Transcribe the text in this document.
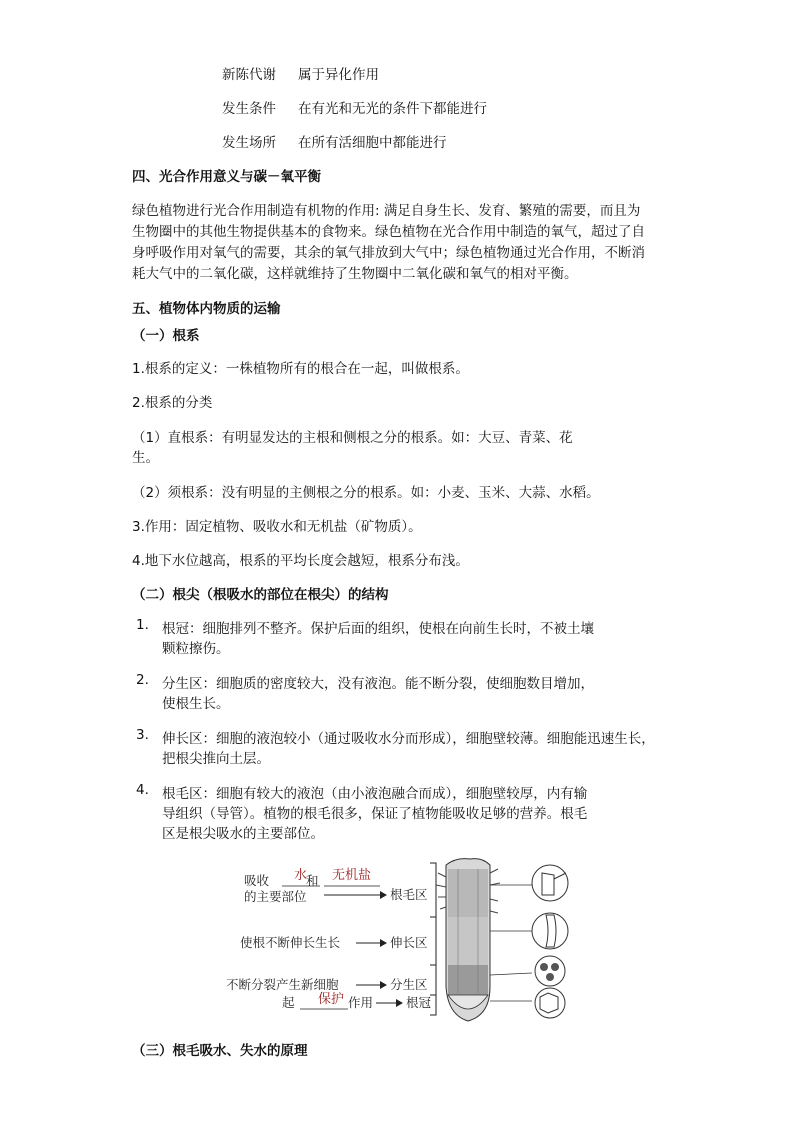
新陈代谢 属于异化作用
发生条件 在有光和无光的条件下都能进行
发生场所 在所有活细胞中都能进行
四、光合作用意义与碳－氧平衡
绿色植物进行光合作用制造有机物的作用: 满足自身生长、发育、繁殖的需要，而且为
生物圈中的其他生物提供基本的食物来。绿色植物在光合作用中制造的氧气，超过了自
身呼吸作用对氧气的需要，其余的氧气排放到大气中；绿色植物通过光合作用，不断消
耗大气中的二氧化碳，这样就维持了生物圈中二氧化碳和氧气的相对平衡。
五、植物体内物质的运输
（一）根系
1.根系的定义：一株植物所有的根合在一起，叫做根系。
2.根系的分类
（1）直根系：有明显发达的主根和侧根之分的根系。如：大豆、青菜、花
生。
（2）须根系：没有明显的主侧根之分的根系。如：小麦、玉米、大蒜、水稻。
3.作用：固定植物、吸收水和无机盐（矿物质）。
4.地下水位越高，根系的平均长度会越短，根系分布浅。
（二）根尖（根吸水的部位在根尖）的结构
1. 根冠：细胞排列不整齐。保护后面的组织，使根在向前生长时，不被土壤
颗粒擦伤。
2. 分生区：细胞质的密度较大，没有液泡。能不断分裂，使细胞数目增加，
使根生长。
3. 伸长区：细胞的液泡较小（通过吸收水分而形成），细胞壁较薄。细胞能迅速生长，
把根尖推向土层。
4. 根毛区：细胞有较大的液泡（由小液泡融合而成），细胞壁较厚，内有输
导组织（导管）。植物的根毛很多，保证了植物能吸收足够的营养。根毛
区是根尖吸水的主要部位。
吸收 水
和 无机盐
的主要部位	根毛区
使根不断伸长生长	伸长区
不断分裂产生新细胞	分生区
起 保护 作用	根冠
（三）根毛吸水、失水的原理
